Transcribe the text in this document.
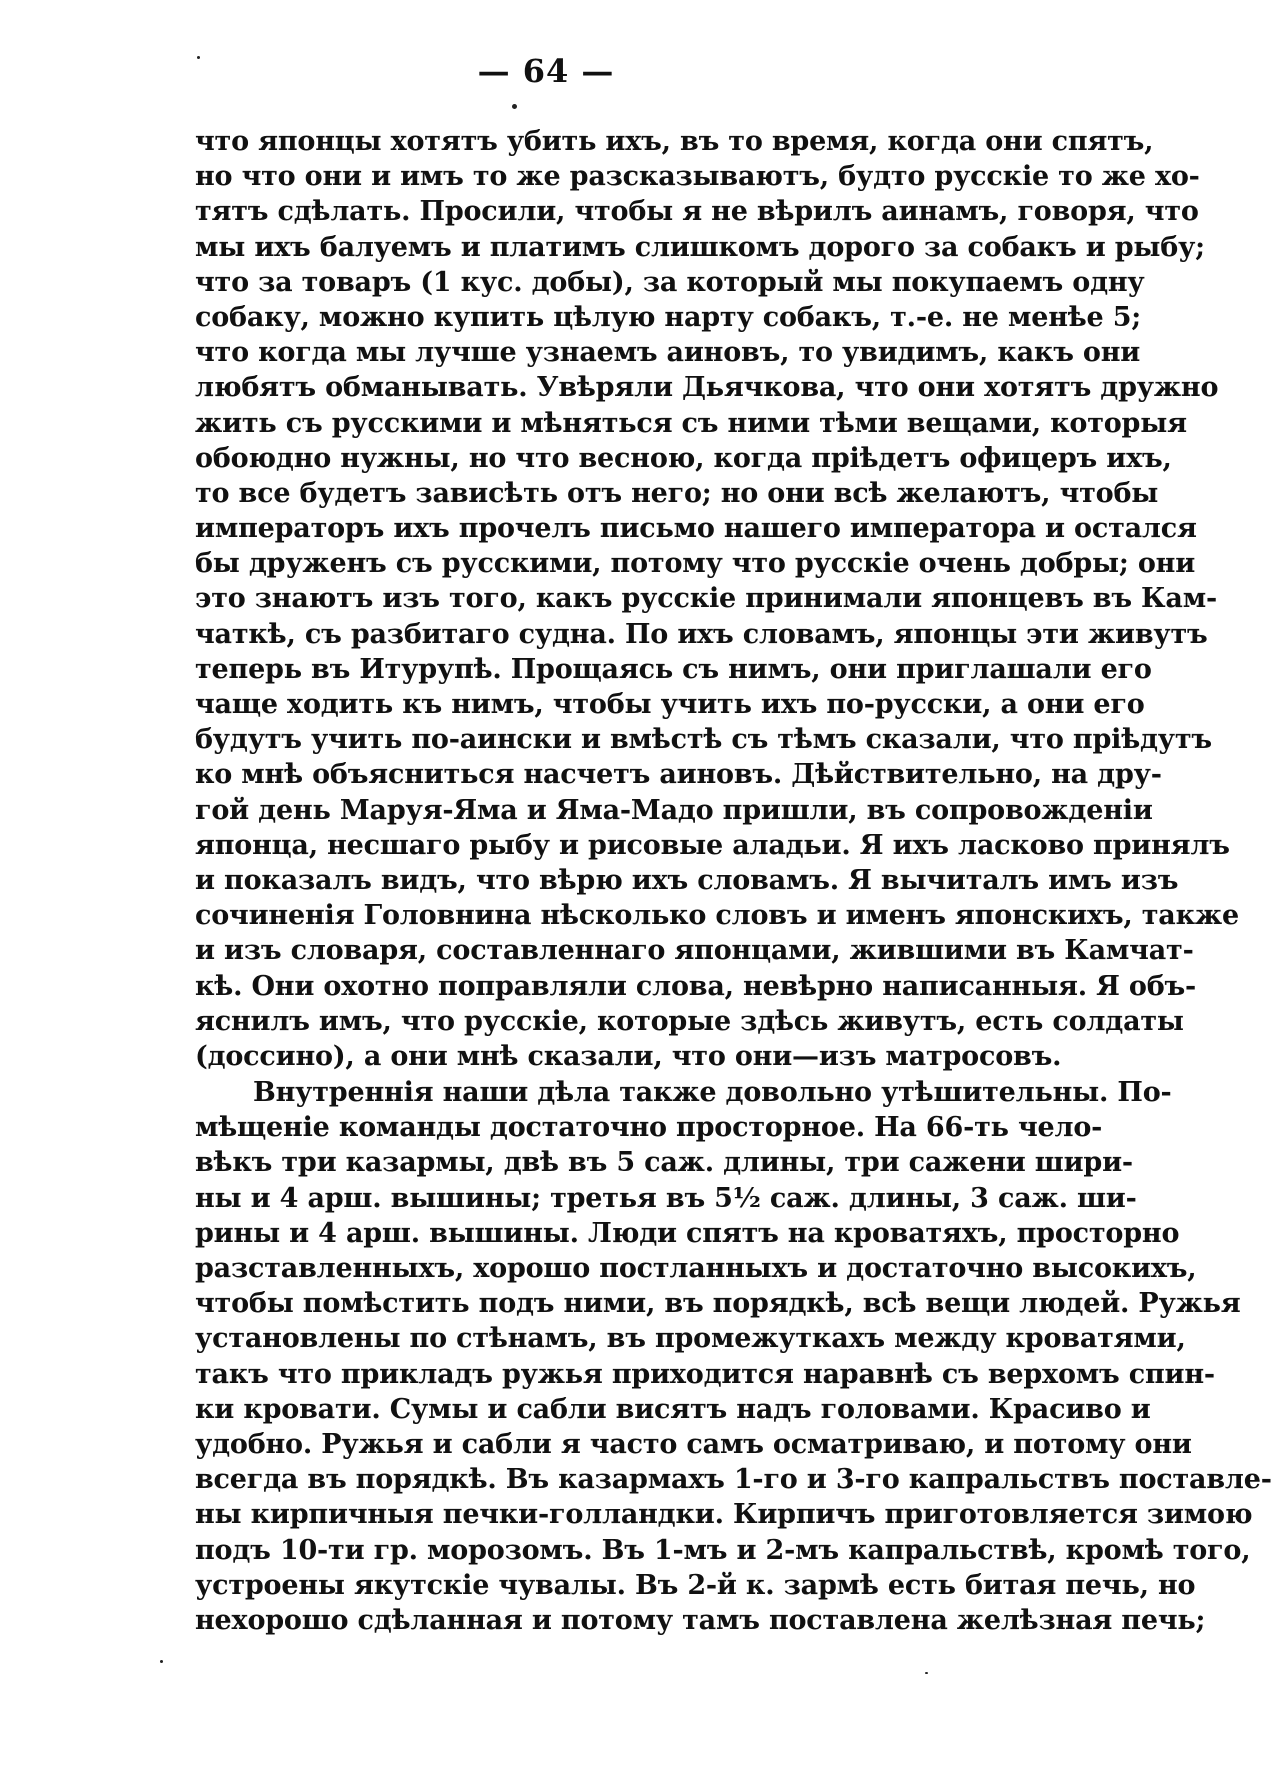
— 64 —
что японцы хотятъ убить ихъ, въ то время, когда они спятъ,
но что они и имъ то же разсказываютъ, будто русскіе то же хо-
тятъ сдѣлать. Просили, чтобы я не вѣрилъ аинамъ, говоря, что
мы ихъ балуемъ и платимъ слишкомъ дорого за собакъ и рыбу;
что за товаръ (1 кус. добы), за который мы покупаемъ одну
собаку, можно купить цѣлую нарту собакъ, т.-е. не менѣе 5;
что когда мы лучше узнаемъ аиновъ, то увидимъ, какъ они
любятъ обманывать. Увѣряли Дьячкова, что они хотятъ дружно
жить съ русскими и мѣняться съ ними тѣми вещами, которыя
обоюдно нужны, но что весною, когда пріѣдетъ офицеръ ихъ,
то все будетъ зависѣть отъ него; но они всѣ желаютъ, чтобы
императоръ ихъ прочелъ письмо нашего императора и остался
бы друженъ съ русскими, потому что русскіе очень добры; они
это знаютъ изъ того, какъ русскіе принимали японцевъ въ Кам-
чаткѣ, съ разбитаго судна. По ихъ словамъ, японцы эти живутъ
теперь въ Итурупѣ. Прощаясь съ нимъ, они приглашали его
чаще ходить къ нимъ, чтобы учить ихъ по-русски, а они его
будутъ учить по-аински и вмѣстѣ съ тѣмъ сказали, что пріѣдутъ
ко мнѣ объясниться насчетъ аиновъ. Дѣйствительно, на дру-
гой день Маруя-Яма и Яма-Мадо пришли, въ сопровожденіи
японца, несшаго рыбу и рисовые аладьи. Я ихъ ласково принялъ
и показалъ видъ, что вѣрю ихъ словамъ. Я вычиталъ имъ изъ
сочиненія Головнина нѣсколько словъ и именъ японскихъ, также
и изъ словаря, составленнаго японцами, жившими въ Камчат-
кѣ. Они охотно поправляли слова, невѣрно написанныя. Я объ-
яснилъ имъ, что русскіе, которые здѣсь живутъ, есть солдаты
(доссино), а они мнѣ сказали, что они—изъ матросовъ.
Внутреннія наши дѣла также довольно утѣшительны. По-
мѣщеніе команды достаточно просторное. На 66-ть чело-
вѣкъ три казармы, двѣ въ 5 саж. длины, три сажени шири-
ны и 4 арш. вышины; третья въ 5½ саж. длины, 3 саж. ши-
рины и 4 арш. вышины. Люди спятъ на кроватяхъ, просторно
разставленныхъ, хорошо постланныхъ и достаточно высокихъ,
чтобы помѣстить подъ ними, въ порядкѣ, всѣ вещи людей. Ружья
установлены по стѣнамъ, въ промежуткахъ между кроватями,
такъ что прикладъ ружья приходится наравнѣ съ верхомъ спин-
ки кровати. Сумы и сабли висятъ надъ головами. Красиво и
удобно. Ружья и сабли я часто самъ осматриваю, и потому они
всегда въ порядкѣ. Въ казармахъ 1-го и 3-го капральствъ поставле-
ны кирпичныя печки-голландки. Кирпичъ приготовляется зимою
подъ 10-ти гр. морозомъ. Въ 1-мъ и 2-мъ капральствѣ, кромѣ того,
устроены якутскіе чувалы. Въ 2-й к. зармѣ есть битая печь, но
нехорошо сдѣланная и потому тамъ поставлена желѣзная печь;
